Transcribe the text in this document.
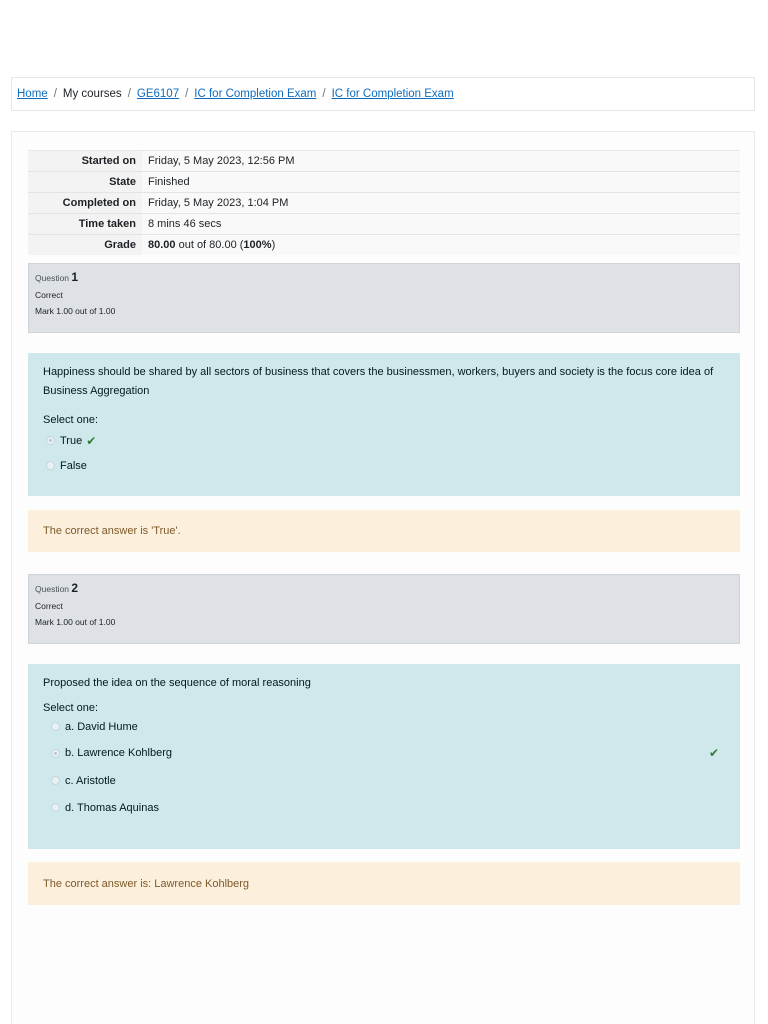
Home / My courses / GE6107 / IC for Completion Exam / IC for Completion Exam
Started on	Friday, 5 May 2023, 12:56 PM
State	Finished
Completed on	Friday, 5 May 2023, 1:04 PM
Time taken	8 mins 46 secs
Grade	80.00 out of 80.00 (100%)
Question 1
Correct
Mark 1.00 out of 1.00
Happiness should be shared by all sectors of business that covers the businessmen, workers, buyers and society is the focus core idea of Business Aggregation
Select one:
True ✔
False
The correct answer is 'True'.
Question 2
Correct
Mark 1.00 out of 1.00
Proposed the idea on the sequence of moral reasoning
Select one:
a. David Hume
b. Lawrence Kohlberg	✔
c. Aristotle
d. Thomas Aquinas
The correct answer is: Lawrence Kohlberg
